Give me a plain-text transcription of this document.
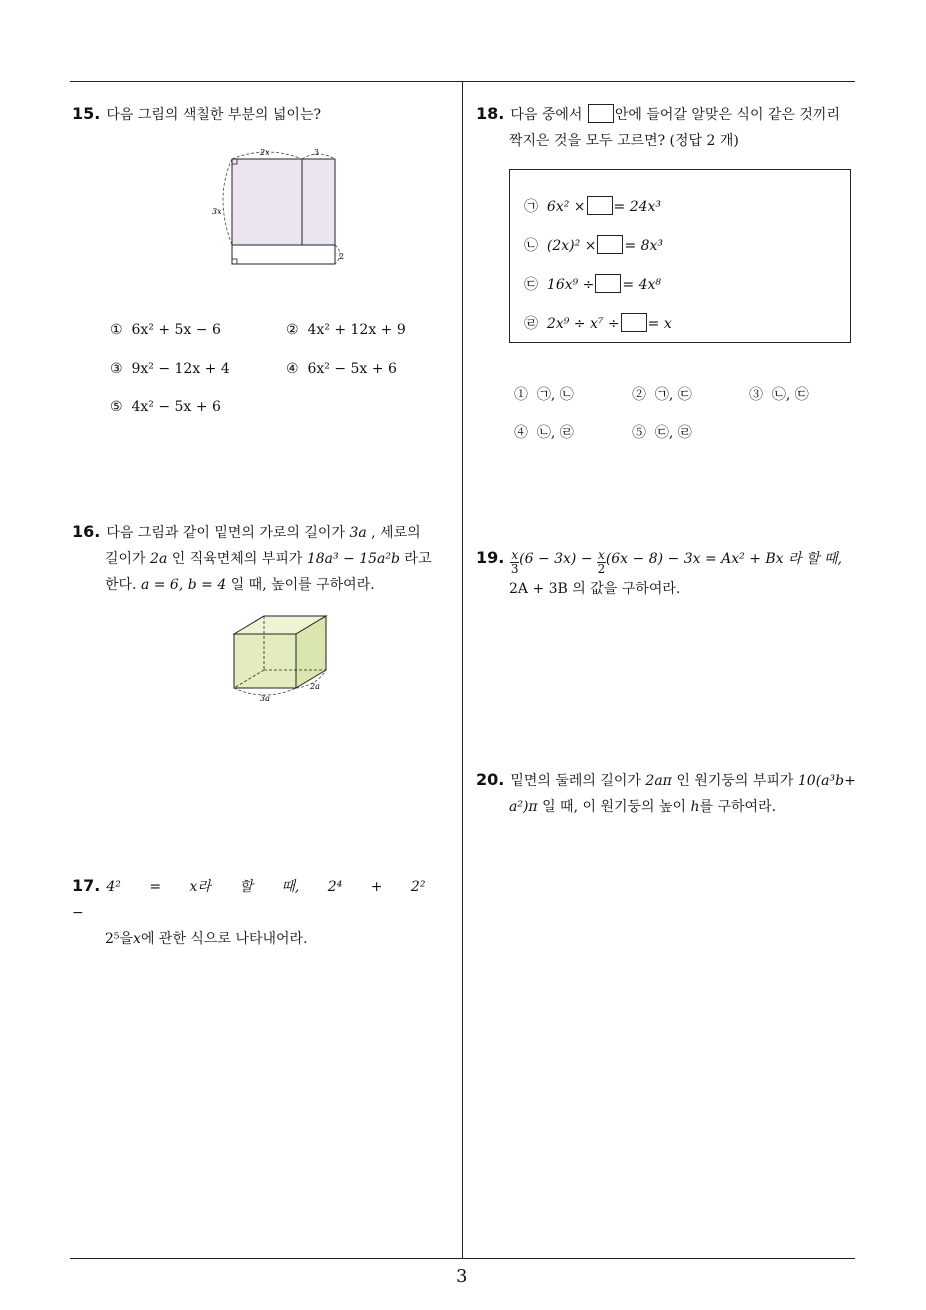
15. 다음 그림의 색칠한 부분의 넓이는?
2x	3
3x
2
① 6x² + 5x − 6	② 4x² + 12x + 9
③ 9x² − 12x + 4	④ 6x² − 5x + 6
⑤ 4x² − 5x + 6
16. 다음 그림과 같이 밑면의 가로의 길이가 3a , 세로의
길이가 2a 인 직육면체의 부피가 18a³ − 15a²b 라고
한다. a = 6, b = 4 일 때, 높이를 구하여라.
3a
2a
17. 4² = x라 할 때, 2⁴ + 2² −
2⁵을x에 관한 식으로 나타내어라.
18. 다음 중에서 안에 들어갈 알맞은 식이 같은 것끼리
짝지은 것을 모두 고르면? (정답 2 개)
㉠ 6x² × = 24x³
㉡ (2x)² × = 8x³
㉢ 16x⁹ ÷ = 4x⁸
㉣ 2x⁹ ÷ x⁷ ÷ = x
① ㉠, ㉡	② ㉠, ㉢	③ ㉡, ㉢
④ ㉡, ㉣	⑤ ㉢, ㉣
19. $\frac{x}{3} (6 - 3x) - \frac{x}{2} (6x - 8) - 3x = Ax^2 + Bx$ 라 할 때,
2A + 3B 의 값을 구하여라.
20. 밑면의 둘레의 길이가 2aπ 인 원기둥의 부피가 10(a³b+
a²)π 일 때, 이 원기둥의 높이 h를 구하여라.
3
